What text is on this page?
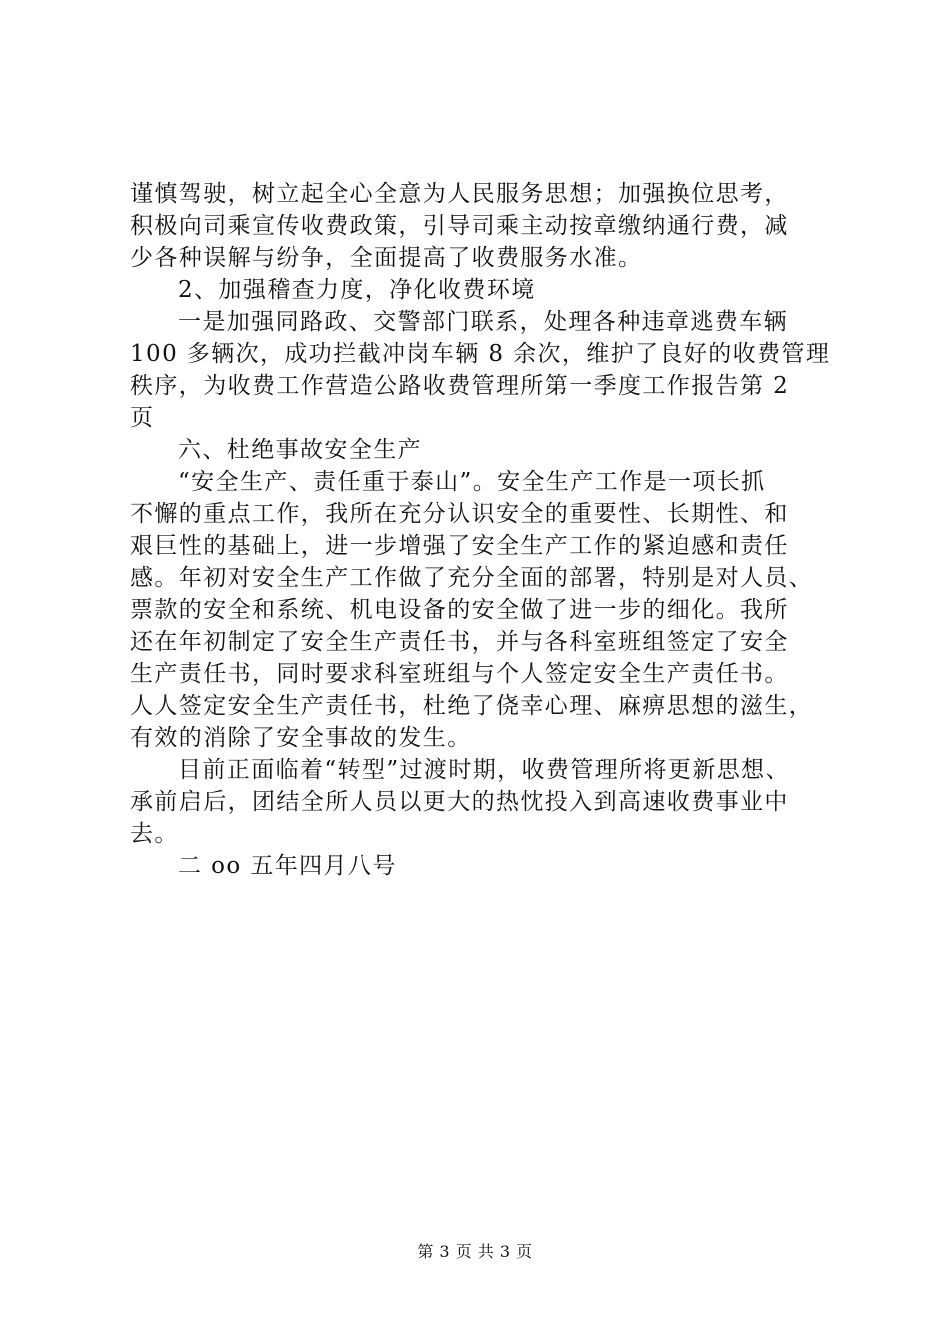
谨慎驾驶，树立起全心全意为人民服务思想；加强换位思考，
积极向司乘宣传收费政策，引导司乘主动按章缴纳通行费，减
少各种误解与纷争，全面提高了收费服务水准。
2、加强稽查力度，净化收费环境
一是加强同路政、交警部门联系，处理各种违章逃费车辆
100 多辆次，成功拦截冲岗车辆 8 余次，维护了良好的收费管理
秩序，为收费工作营造公路收费管理所第一季度工作报告第 2
页
六、杜绝事故安全生产
“安全生产、责任重于泰山”。安全生产工作是一项长抓
不懈的重点工作，我所在充分认识安全的重要性、长期性、和
艰巨性的基础上，进一步增强了安全生产工作的紧迫感和责任
感。年初对安全生产工作做了充分全面的部署，特别是对人员、
票款的安全和系统、机电设备的安全做了进一步的细化。我所
还在年初制定了安全生产责任书，并与各科室班组签定了安全
生产责任书，同时要求科室班组与个人签定安全生产责任书。
人人签定安全生产责任书，杜绝了侥幸心理、麻痹思想的滋生，
有效的消除了安全事故的发生。
目前正面临着“转型”过渡时期，收费管理所将更新思想、
承前启后，团结全所人员以更大的热忱投入到高速收费事业中
去。
二 oo 五年四月八号
第 3 页 共 3 页
